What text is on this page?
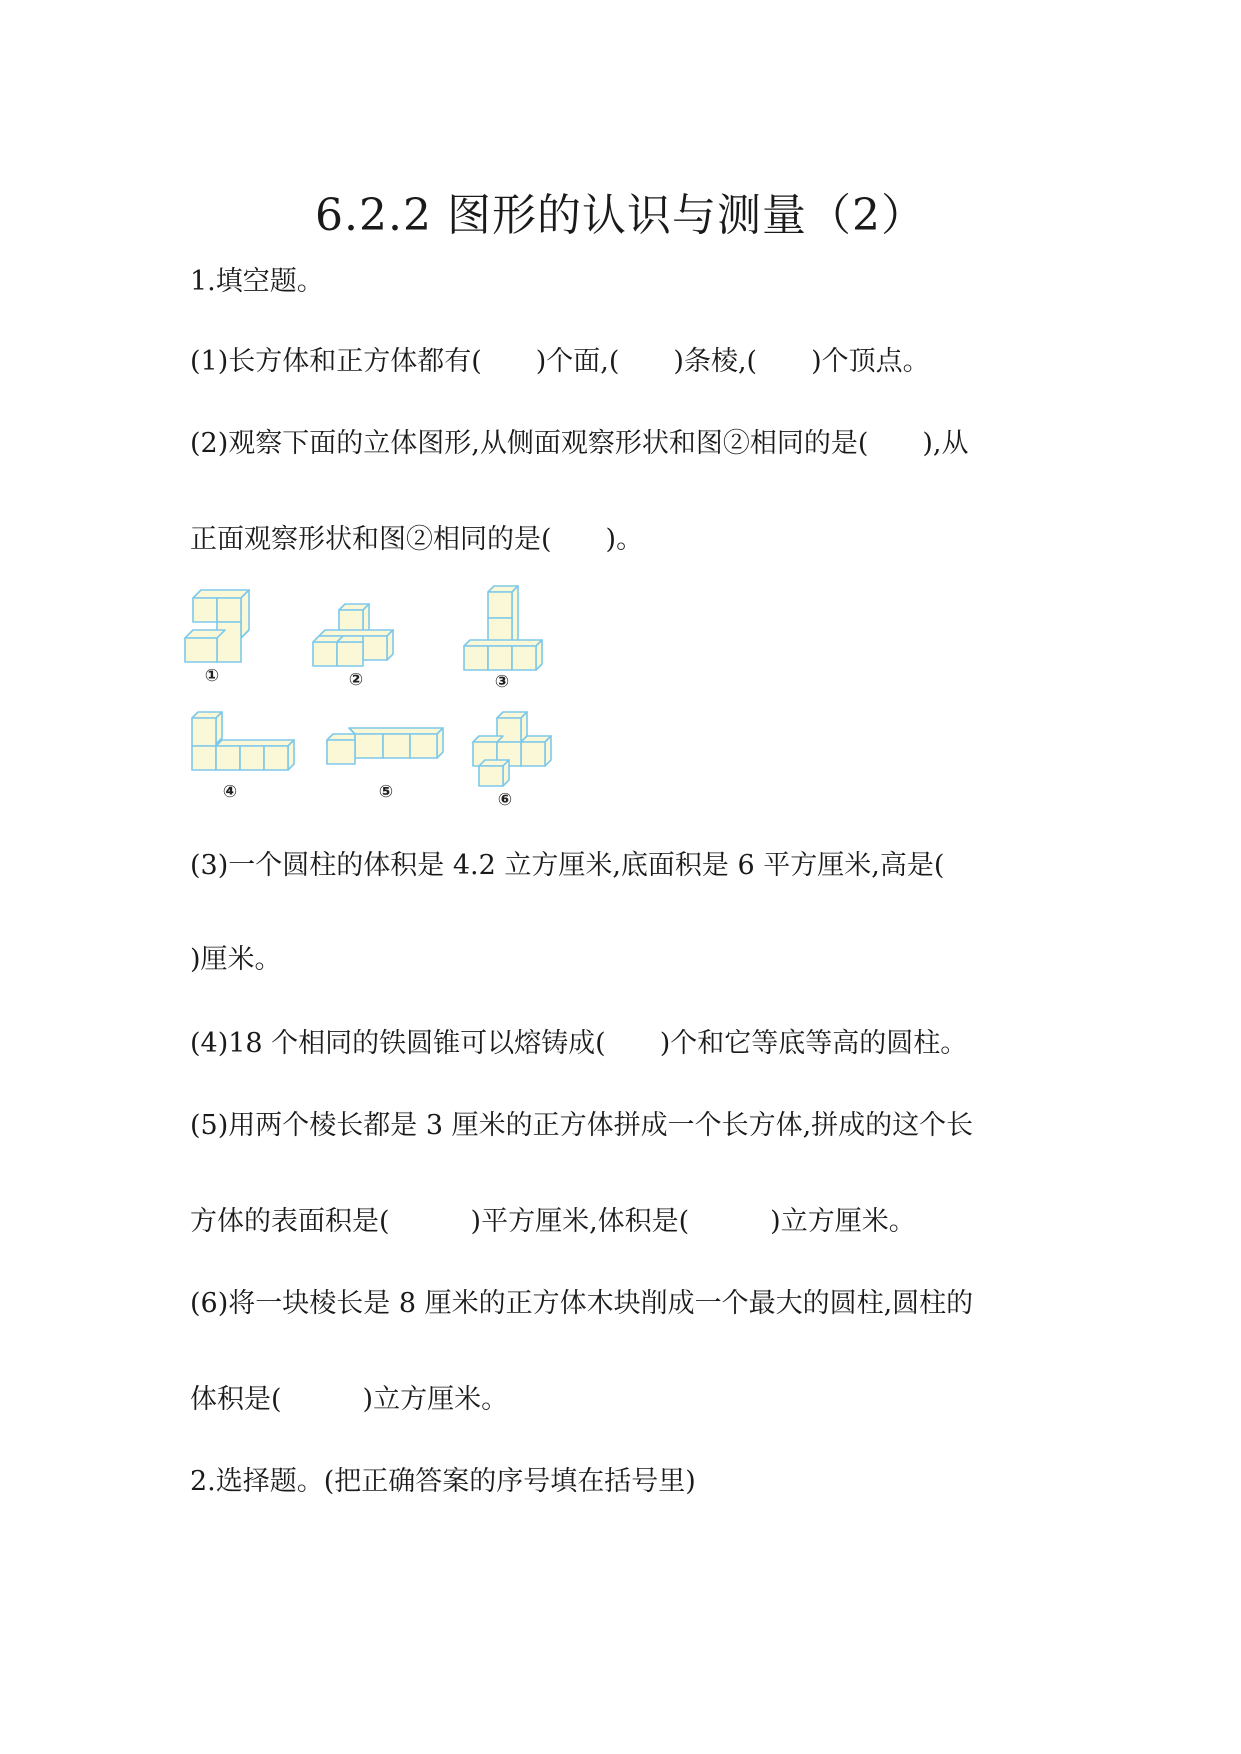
6.2.2 图形的认识与测量（2）
1.填空题。
(1)长方体和正方体都有(　　)个面,(　　)条棱,(　　)个顶点。
(2)观察下面的立体图形,从侧面观察形状和图②相同的是(　　),从
正面观察形状和图②相同的是(　　)。
①	②	③
④	⑤	⑥
(3)一个圆柱的体积是 4.2 立方厘米,底面积是 6 平方厘米,高是(
)厘米。
(4)18 个相同的铁圆锥可以熔铸成(　　)个和它等底等高的圆柱。
(5)用两个棱长都是 3 厘米的正方体拼成一个长方体,拼成的这个长
方体的表面积是(　　　)平方厘米,体积是(　　　)立方厘米。
(6)将一块棱长是 8 厘米的正方体木块削成一个最大的圆柱,圆柱的
体积是(　　　)立方厘米。
2.选择题。(把正确答案的序号填在括号里)
